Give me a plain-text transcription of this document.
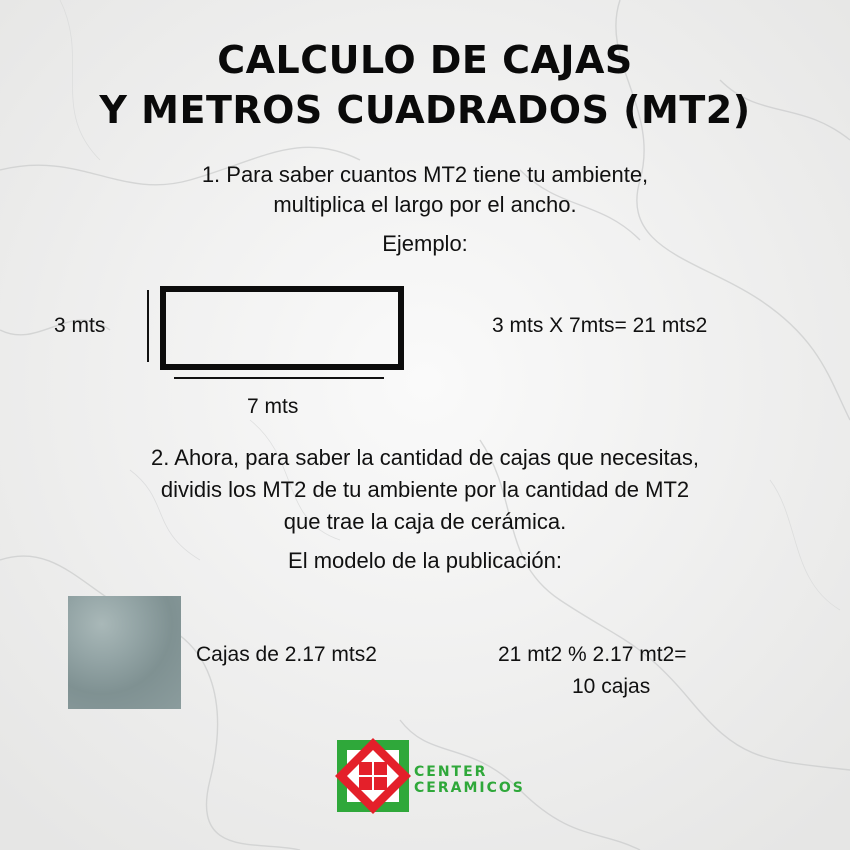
CALCULO DE CAJAS
Y METROS CUADRADOS (MT2)
1. Para saber cuantos MT2 tiene tu ambiente,
multiplica el largo por el ancho.
Ejemplo:
3 mts
7 mts
3 mts X 7mts= 21 mts2
2. Ahora, para saber la cantidad de cajas que necesitas,
dividis los MT2 de tu ambiente por la cantidad de MT2
que trae la caja de cerámica.
El modelo de la publicación:
Cajas de 2.17 mts2	21 mt2 % 2.17 mt2=
10 cajas
CENTER
CERAMICOS
